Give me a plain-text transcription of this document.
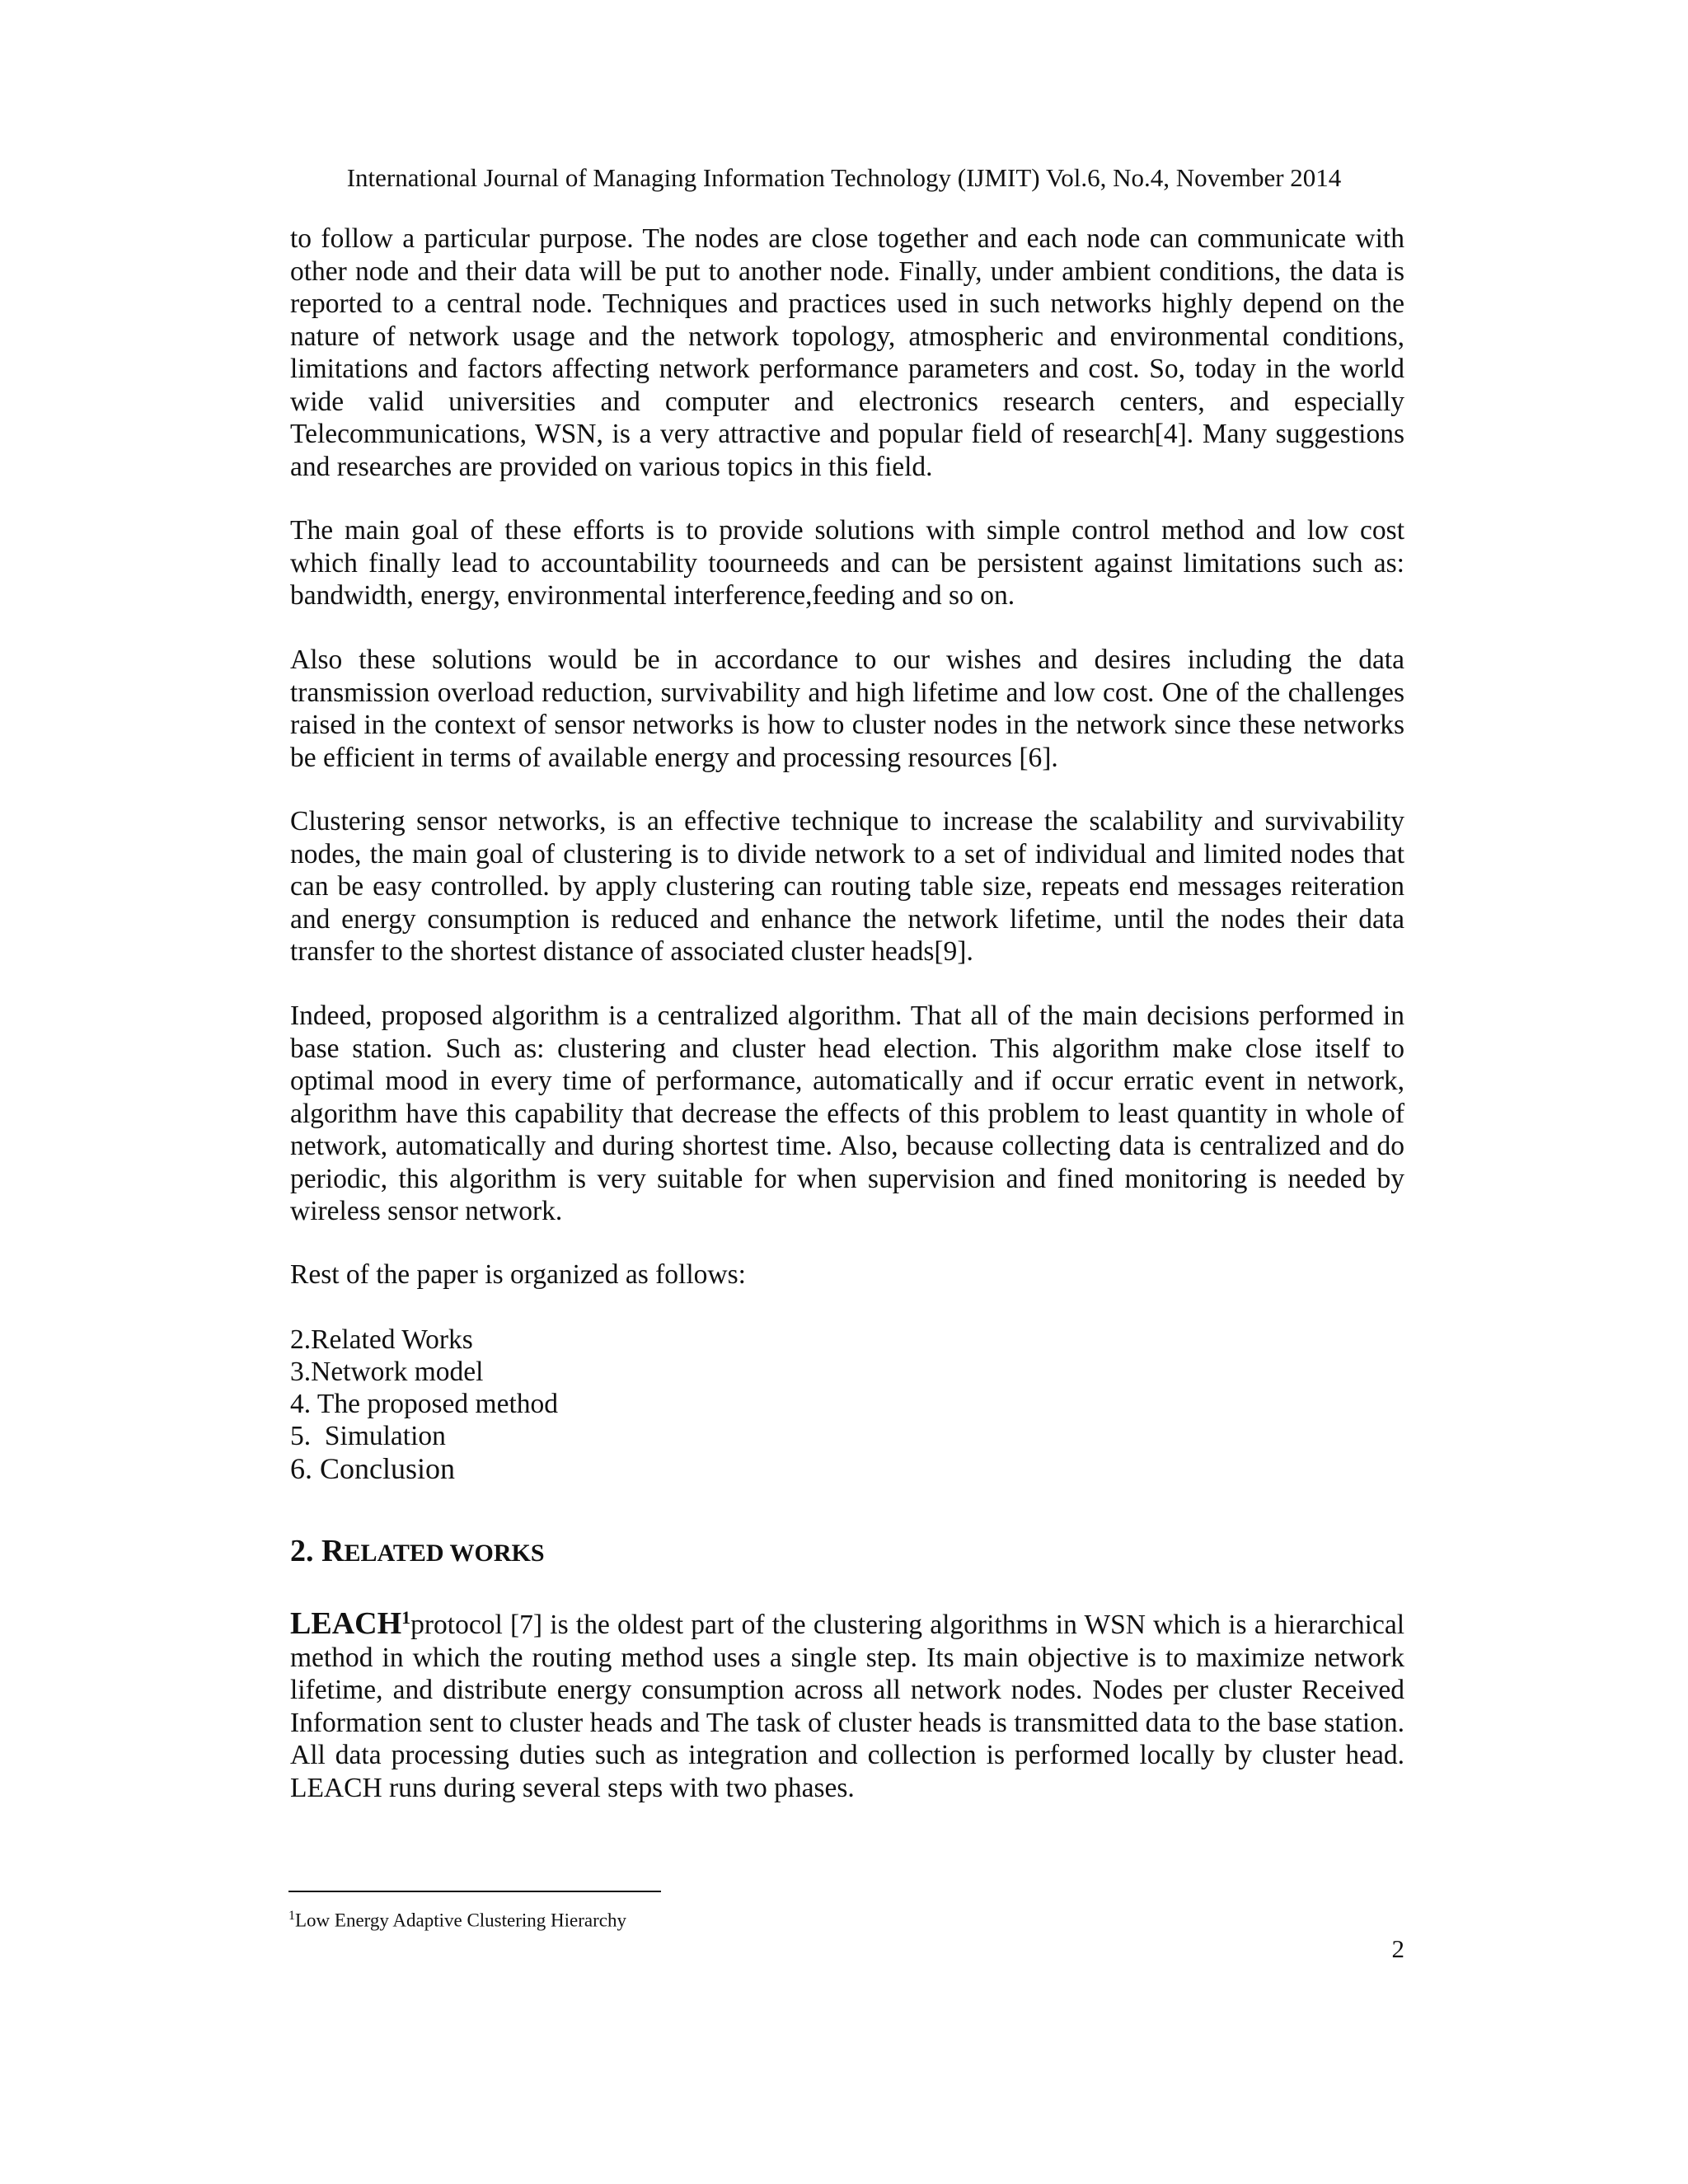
International Journal of Managing Information Technology (IJMIT) Vol.6, No.4, November 2014

to follow a particular purpose. The nodes are close together and each node can communicate with other node and their data will be put to another node. Finally, under ambient conditions, the data is reported to a central node. Techniques and practices used in such networks highly depend on the nature of network usage and the network topology, atmospheric and environmental conditions, limitations and factors affecting network performance parameters and cost. So, today in the world wide valid universities and computer and electronics research centers, and especially Telecommunications, WSN, is a very attractive and popular field of research[4]. Many suggestions and researches are provided on various topics in this field.

The main goal of these efforts is to provide solutions with simple control method and low cost which finally lead to accountability toourneeds and can be persistent against limitations such as: bandwidth, energy, environmental interference,feeding and so on.

Also these solutions would be in accordance to our wishes and desires including the data transmission overload reduction, survivability and high lifetime and low cost. One of the challenges raised in the context of sensor networks is how to cluster nodes in the network since these networks be efficient in terms of available energy and processing resources [6].

Clustering sensor networks, is an effective technique to increase the scalability and survivability nodes, the main goal of clustering is to divide network to a set of individual and limited nodes that can be easy controlled. by apply clustering can routing table size, repeats end messages reiteration and energy consumption is reduced and enhance the network lifetime, until the nodes their data transfer to the shortest distance of associated cluster heads[9].

Indeed, proposed algorithm is a centralized algorithm. That all of the main decisions performed in base station. Such as: clustering and cluster head election. This algorithm make close itself to optimal mood in every time of performance, automatically and if occur erratic event in network, algorithm have this capability that decrease the effects of this problem to least quantity in whole of network, automatically and during shortest time. Also, because collecting data is centralized and do periodic, this algorithm is very suitable for when supervision and fined monitoring is needed by wireless sensor network.

Rest of the paper is organized as follows:

2.Related Works
3.Network model
4. The proposed method
5.  Simulation
6. Conclusion
2. RELATED WORKS

LEACH$^1$protocol [7] is the oldest part of the clustering algorithms in WSN which is a hierarchical method in which the routing method uses a single step. Its main objective is to maximize network lifetime, and distribute energy consumption across all network nodes. Nodes per cluster Received Information sent to cluster heads and The task of cluster heads is transmitted data to the base station. All data processing duties such as integration and collection is performed locally by cluster head. LEACH runs during several steps with two phases.

$^1$Low Energy Adaptive Clustering Hierarchy
2
